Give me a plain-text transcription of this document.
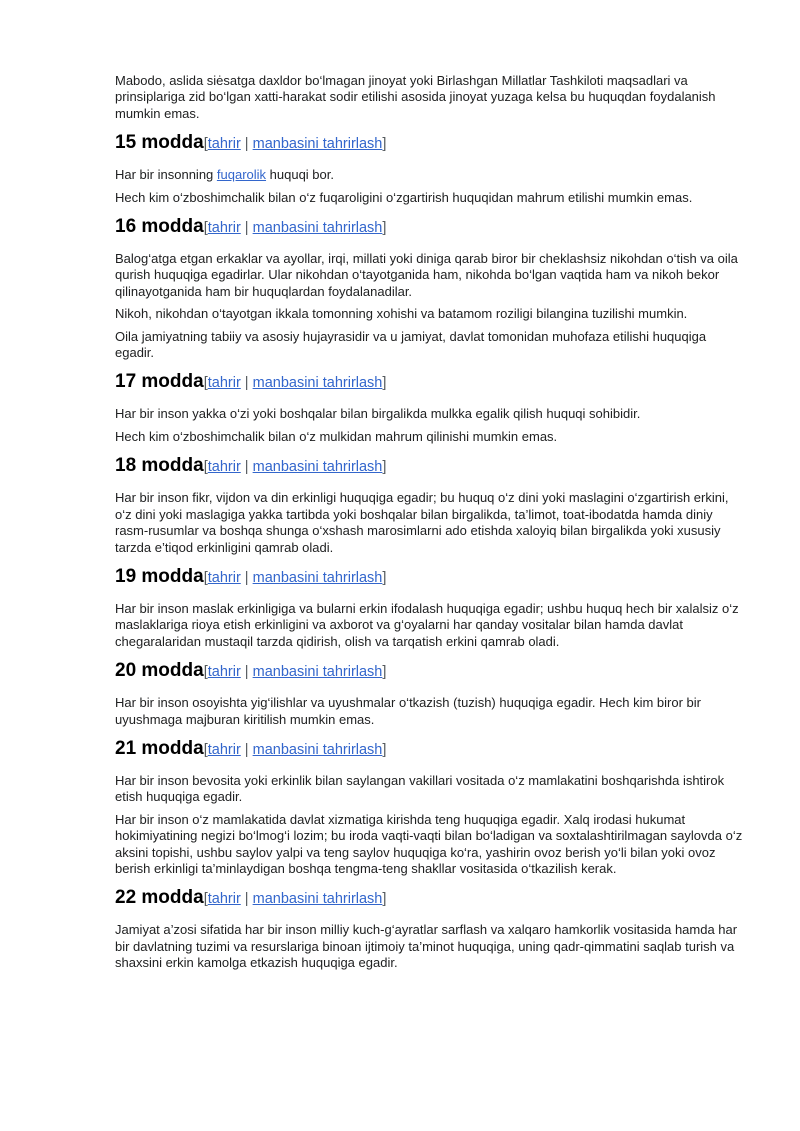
Mabodo, aslida siėsatga daxldor bo‘lmagan jinoyat yoki Birlashgan Millatlar Tashkiloti maqsadlari va prinsiplariga zid bo‘lgan xatti-harakat sodir etilishi asosida jinoyat yuzaga kelsa bu huquqdan foydalanish mumkin emas.

15 modda[tahrir | manbasini tahrirlash]

Har bir insonning fuqarolik huquqi bor.

Hech kim o‘zboshimchalik bilan o‘z fuqaroligini o‘zgartirish huquqidan mahrum etilishi mumkin emas.

16 modda[tahrir | manbasini tahrirlash]

Balog‘atga etgan erkaklar va ayollar, irqi, millati yoki diniga qarab biror bir cheklashsiz nikohdan o‘tish va oila qurish huquqiga egadirlar. Ular nikohdan o‘tayotganida ham, nikohda bo‘lgan vaqtida ham va nikoh bekor qilinayotganida ham bir huquqlardan foydalanadilar.

Nikoh, nikohdan o‘tayotgan ikkala tomonning xohishi va batamom roziligi bilangina tuzilishi mumkin.

Oila jamiyatning tabiiy va asosiy hujayrasidir va u jamiyat, davlat tomonidan muhofaza etilishi huquqiga egadir.

17 modda[tahrir | manbasini tahrirlash]

Har bir inson yakka o‘zi yoki boshqalar bilan birgalikda mulkka egalik qilish huquqi sohibidir.

Hech kim o‘zboshimchalik bilan o‘z mulkidan mahrum qilinishi mumkin emas.

18 modda[tahrir | manbasini tahrirlash]

Har bir inson fikr, vijdon va din erkinligi huquqiga egadir; bu huquq o‘z dini yoki maslagini o‘zgartirish erkini, o‘z dini yoki maslagiga yakka tartibda yoki boshqalar bilan birgalikda, ta’limot, toat-ibodatda hamda diniy rasm-rusumlar va boshqa shunga o‘xshash marosimlarni ado etishda xaloyiq bilan birgalikda yoki xususiy tarzda e’tiqod erkinligini qamrab oladi.

19 modda[tahrir | manbasini tahrirlash]

Har bir inson maslak erkinligiga va bularni erkin ifodalash huquqiga egadir; ushbu huquq hech bir xalalsiz o‘z maslaklariga rioya etish erkinligini va axborot va g‘oyalarni har qanday vositalar bilan hamda davlat chegaralaridan mustaqil tarzda qidirish, olish va tarqatish erkini qamrab oladi.

20 modda[tahrir | manbasini tahrirlash]

Har bir inson osoyishta yig‘ilishlar va uyushmalar o‘tkazish (tuzish) huquqiga egadir. Hech kim biror bir uyushmaga majburan kiritilish mumkin emas.

21 modda[tahrir | manbasini tahrirlash]

Har bir inson bevosita yoki erkinlik bilan saylangan vakillari vositada o‘z mamlakatini boshqarishda ishtirok etish huquqiga egadir.

Har bir inson o‘z mamlakatida davlat xizmatiga kirishda teng huquqiga egadir. Xalq irodasi hukumat hokimiyatining negizi bo‘lmog‘i lozim; bu iroda vaqti-vaqti bilan bo‘ladigan va soxtalashtirilmagan saylovda o‘z aksini topishi, ushbu saylov yalpi va teng saylov huquqiga ko‘ra, yashirin ovoz berish yo‘li bilan yoki ovoz berish erkinligi ta’minlaydigan boshqa tengma-teng shakllar vositasida o‘tkazilish kerak.

22 modda[tahrir | manbasini tahrirlash]

Jamiyat a’zosi sifatida har bir inson milliy kuch-g‘ayratlar sarflash va xalqaro hamkorlik vositasida hamda har bir davlatning tuzimi va resurslariga binoan ijtimoiy ta’minot huquqiga, uning qadr-qimmatini saqlab turish va shaxsini erkin kamolga etkazish huquqiga egadir.
